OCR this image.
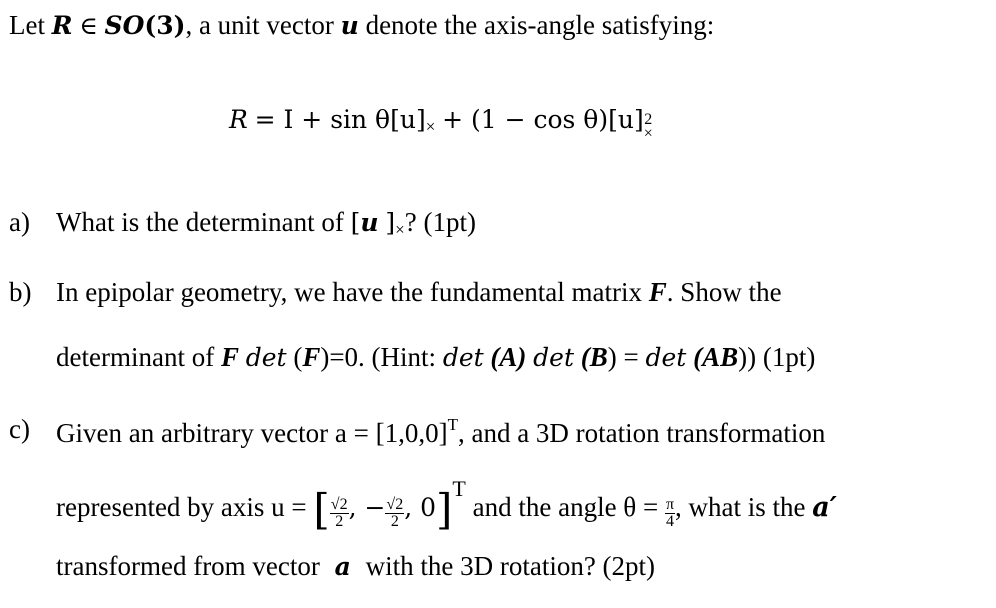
Let R ∈ SO(3), a unit vector u denote the axis-angle satisfying:
$R = I + \sin \theta[u]_\times + (1 - \cos \theta)[u]$ 2
×
a) What is the determinant of [u ]$_\times$? (1pt)
b) In epipolar geometry, we have the fundamental matrix F. Show the
determinant of F det (F)=0. (Hint: det (A) det (B) = det (AB)) (1pt)
c) Given an arbitrary vector $a = [1,0,0]^T$, and a 3D rotation transformation
represented by axis u = [ $\frac{√2}{2}$ , − $\frac{√2}{2}$ , 0]$^T$ and the angle $\theta = \frac{\pi}{4}$ , what is the a′
transformed from vector a with the 3D rotation? (2pt)
